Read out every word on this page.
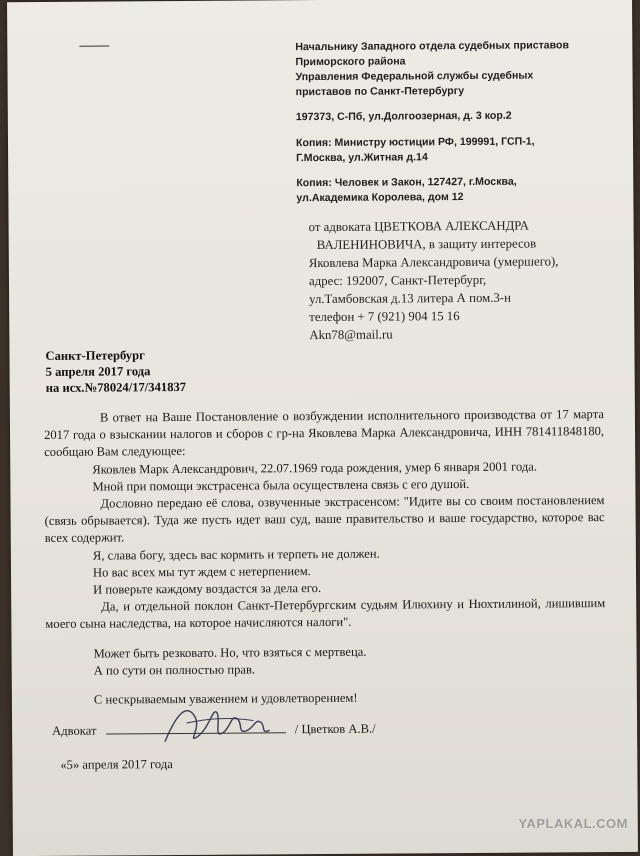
Начальнику Западного отдела судебных приставов

Приморского района

Управления Федеральной службы судебных

приставов по Санкт-Петербургу

197373, С-Пб, ул.Долгоозерная, д. 3 кор.2

Копия: Министру юстиции РФ, 199991, ГСП-1,

Г.Москва, ул.Житная д.14

Копия: Человек и Закон, 127427, г.Москва,

ул.Академика Королева, дом 12

от адвоката ЦВЕТКОВА АЛЕКСАНДРА

ВАЛЕНИНОВИЧА, в защиту интересов

Яковлева Марка Александровича (умершего),

адрес: 192007, Санкт-Петербург,

ул.Тамбовская д.13 литера А пом.3-н

телефон + 7 (921) 904 15 16

Akn78@mail.ru

Санкт-Петербург

5 апреля 2017 года

на исх.№78024/17/341837

В ответ на Ваше Постановление о возбуждении исполнительного производства от 17 марта 2017 года о взыскании налогов и сборов с гр-на Яковлева Марка Александровича, ИНН 781411848180, сообщаю Вам следующее:

Яковлев Марк Александрович, 22.07.1969 года рождения, умер 6 января 2001 года.

Мной при помощи экстрасенса была осуществлена связь с его душой.

Дословно передаю её слова, озвученные экстрасенсом: "Идите вы со своим постановлением (связь обрывается). Туда же пусть идет ваш суд, ваше правительство и ваше государство, которое вас всех содержит.

Я, слава богу, здесь вас кормить и терпеть не должен.

Но вас всех мы тут ждем с нетерпением.

И поверьте каждому воздастся за дела его.

Да, и отдельной поклон Санкт-Петербургским судьям Илюхину и Нюхтилиной, лишившим моего сына наследства, на которое начисляются налоги".

Может быть резковато. Но, что взяться с мертвеца.

А по сути он полностью прав.

С нескрываемым уважением и удовлетворением!

Адвокат	/ Цветков А.В./
«5» апреля 2017 года
YAPLAKAL.COM
